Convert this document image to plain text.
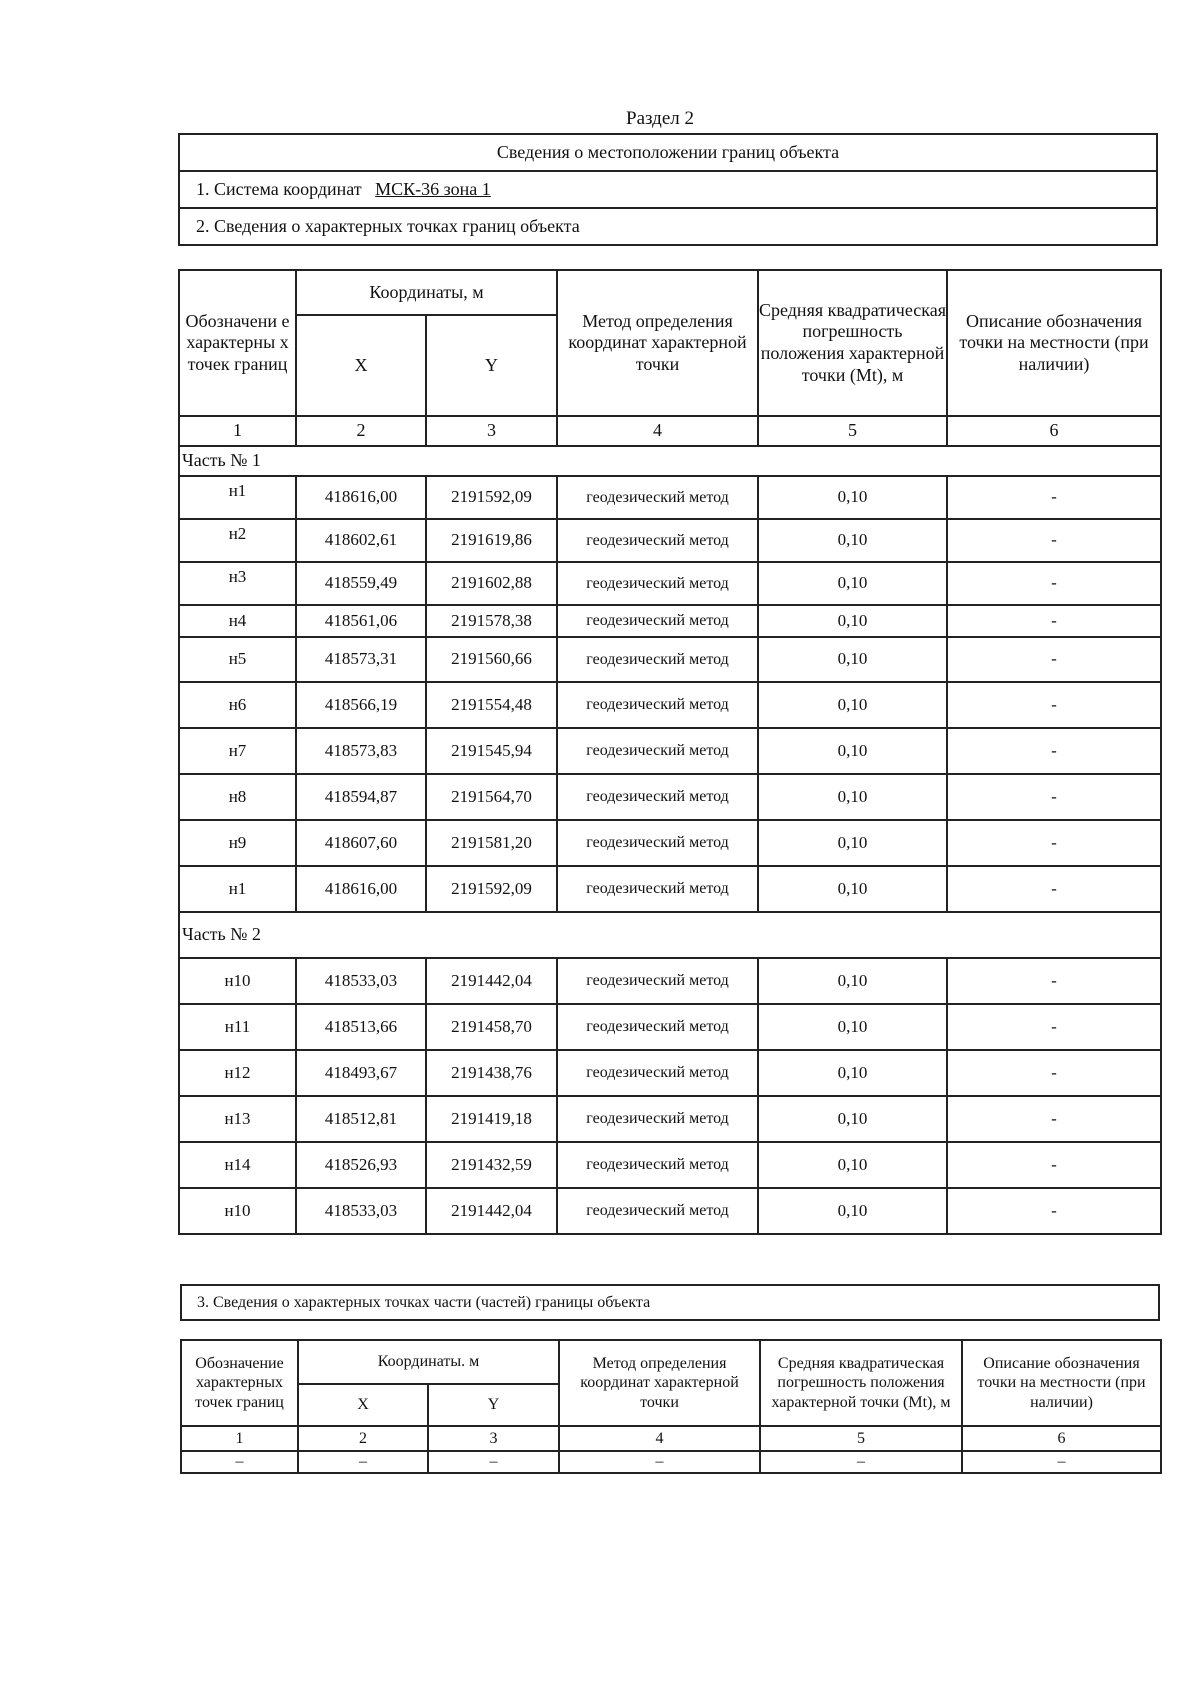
Раздел 2
Сведения о местоположении границ объекта
1. Система координат МСК-36 зона 1
2. Сведения о характерных точках границ объекта
Обозначени е характерны х точек границ	Координаты, м		Метод определения координат характерной точки	Средняя квадратическая погрешность положения характерной точки (Mt), м	Описание обозначения точки на местности (при наличии)
	X	Y			
1	2	3	4	5	6
Часть № 1					
н1	418616,00	2191592,09	геодезический метод	0,10	-
н2	418602,61	2191619,86	геодезический метод	0,10	-
н3	418559,49	2191602,88	геодезический метод	0,10	-
н4	418561,06	2191578,38	геодезический метод	0,10	-
н5	418573,31	2191560,66	геодезический метод	0,10	-
н6	418566,19	2191554,48	геодезический метод	0,10	-
н7	418573,83	2191545,94	геодезический метод	0,10	-
н8	418594,87	2191564,70	геодезический метод	0,10	-
н9	418607,60	2191581,20	геодезический метод	0,10	-
н1	418616,00	2191592,09	геодезический метод	0,10	-
Часть № 2					
н10	418533,03	2191442,04	геодезический метод	0,10	-
н11	418513,66	2191458,70	геодезический метод	0,10	-
н12	418493,67	2191438,76	геодезический метод	0,10	-
н13	418512,81	2191419,18	геодезический метод	0,10	-
н14	418526,93	2191432,59	геодезический метод	0,10	-
н10	418533,03	2191442,04	геодезический метод	0,10	-
3. Сведения о характерных точках части (частей) границы объекта
Обозначение характерных точек границ	Координаты. м		Метод определения координат характерной точки	Средняя квадратическая погрешность положения характерной точки (Mt), м	Описание обозначения точки на местности (при наличии)
	X	Y			
1	2	3	4	5	6
–	–	–	–	–	–
